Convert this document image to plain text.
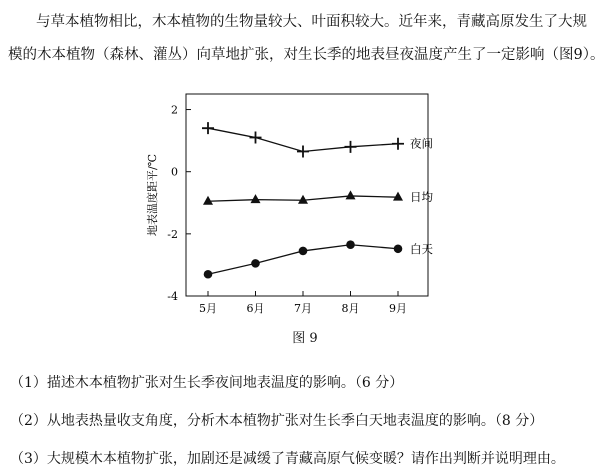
与草本植物相比，木本植物的生物量较大、叶面积较大。近年来，青藏高原发生了大规

模的木本植物（森林、灌丛）向草地扩张，对生长季的地表昼夜温度产生了一定影响（图9）。

2
0
-2
-4
5月	6月	7月	8月	9月
地表温度距平/℃
夜间
日均
白天
图 9
（1）描述木本植物扩张对生长季夜间地表温度的影响。（6 分）
（2）从地表热量收支角度，分析木本植物扩张对生长季白天地表温度的影响。（8 分）
（3）大规模木本植物扩张，加剧还是减缓了青藏高原气候变暖？请作出判断并说明理由。
